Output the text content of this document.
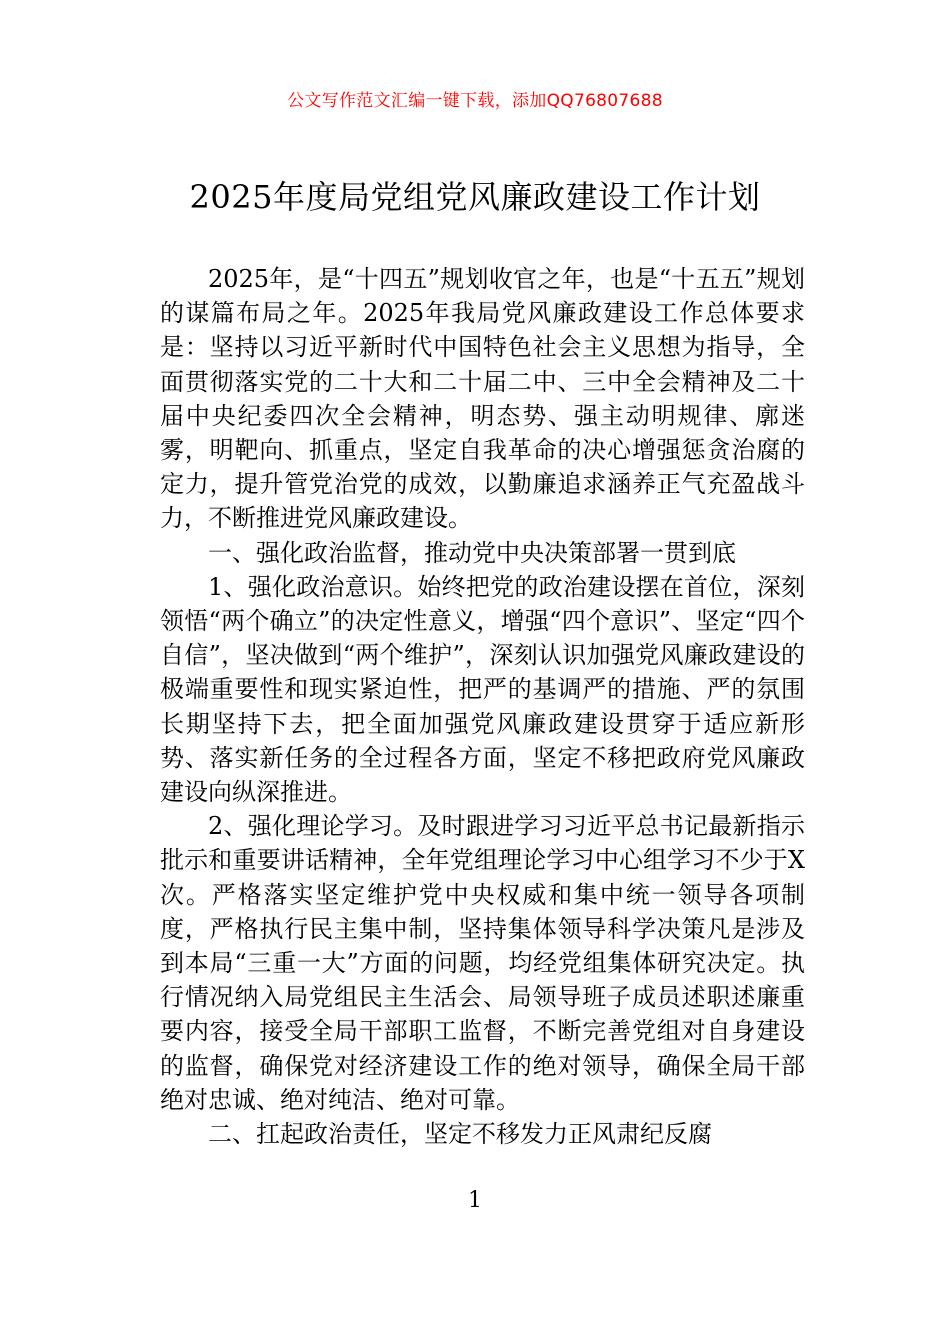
公文写作范文汇编一键下载，添加QQ76807688
2025年度局党组党风廉政建设工作计划

2025年，是“十四五”规划收官之年，也是“十五五”规划的谋篇布局之年。2025年我局党风廉政建设工作总体要求是：坚持以习近平新时代中国特色社会主义思想为指导，全面贯彻落实党的二十大和二十届二中、三中全会精神及二十届中央纪委四次全会精神，明态势、强主动明规律、廓迷雾，明靶向、抓重点，坚定自我革命的决心增强惩贪治腐的定力，提升管党治党的成效，以勤廉追求涵养正气充盈战斗力，不断推进党风廉政建设。

一、强化政治监督，推动党中央决策部署一贯到底

1、强化政治意识。始终把党的政治建设摆在首位，深刻领悟“两个确立”的决定性意义，增强“四个意识”、坚定“四个自信”，坚决做到“两个维护”，深刻认识加强党风廉政建设的极端重要性和现实紧迫性，把严的基调严的措施、严的氛围长期坚持下去，把全面加强党风廉政建设贯穿于适应新形势、落实新任务的全过程各方面，坚定不移把政府党风廉政建设向纵深推进。

2、强化理论学习。及时跟进学习习近平总书记最新指示批示和重要讲话精神，全年党组理论学习中心组学习不少于X次。严格落实坚定维护党中央权威和集中统一领导各项制度，严格执行民主集中制，坚持集体领导科学决策凡是涉及到本局“三重一大”方面的问题，均经党组集体研究决定。执行情况纳入局党组民主生活会、局领导班子成员述职述廉重要内容，接受全局干部职工监督，不断完善党组对自身建设的监督，确保党对经济建设工作的绝对领导，确保全局干部绝对忠诚、绝对纯洁、绝对可靠。

二、扛起政治责任，坚定不移发力正风肃纪反腐

1
